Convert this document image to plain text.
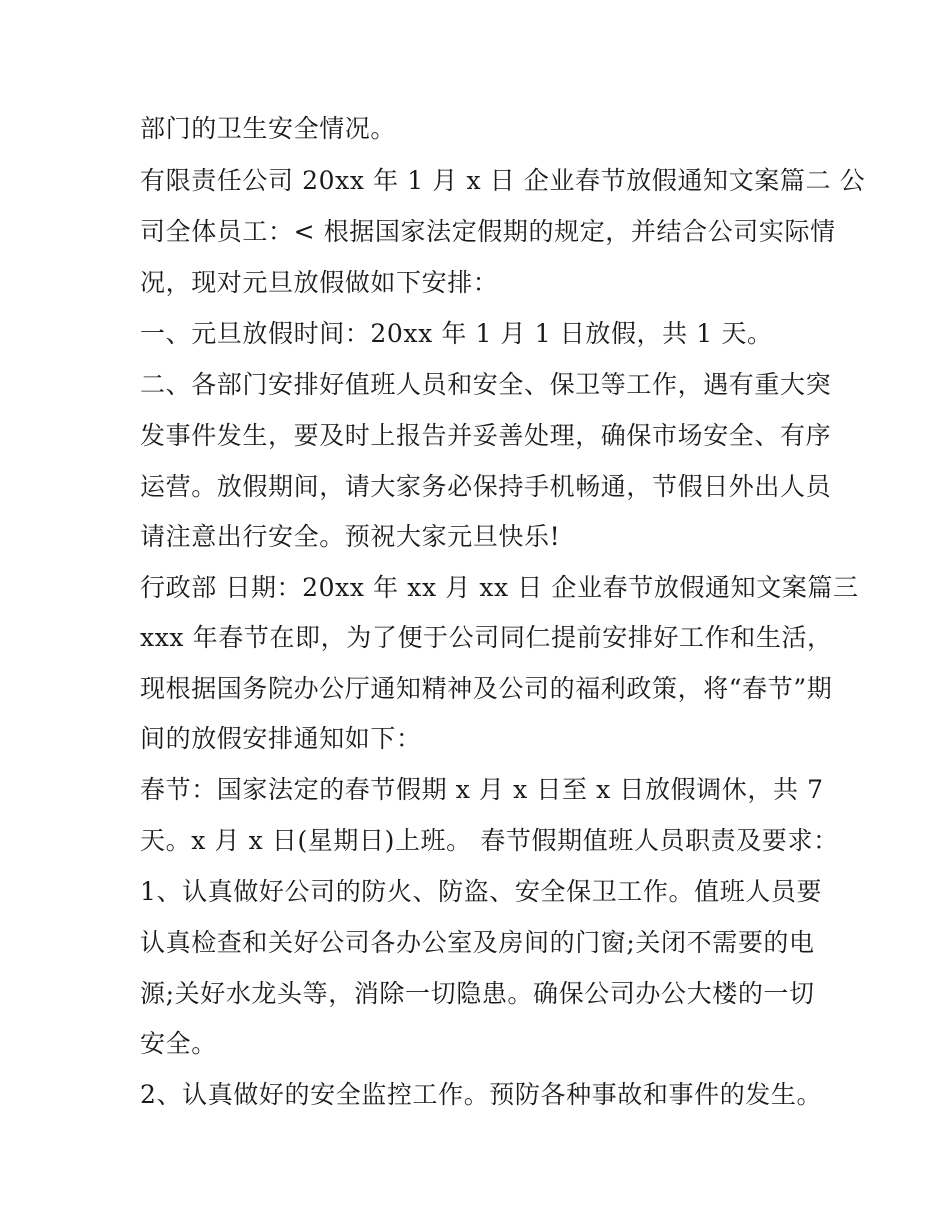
部门的卫生安全情况。
有限责任公司 20xx 年 1 月 x 日 企业春节放假通知文案篇二 公
司全体员工：< 根据国家法定假期的规定，并结合公司实际情
况，现对元旦放假做如下安排：
一、元旦放假时间：20xx 年 1 月 1 日放假，共 1 天。
二、各部门安排好值班人员和安全、保卫等工作，遇有重大突
发事件发生，要及时上报告并妥善处理，确保市场安全、有序
运营。放假期间，请大家务必保持手机畅通，节假日外出人员
请注意出行安全。预祝大家元旦快乐!
行政部 日期：20xx 年 xx 月 xx 日 企业春节放假通知文案篇三
xxx 年春节在即，为了便于公司同仁提前安排好工作和生活，
现根据国务院办公厅通知精神及公司的福利政策，将“春节”期
间的放假安排通知如下：
春节：国家法定的春节假期 x 月 x 日至 x 日放假调休，共 7
天。x 月 x 日(星期日)上班。 春节假期值班人员职责及要求：
1、认真做好公司的防火、防盗、安全保卫工作。值班人员要
认真检查和关好公司各办公室及房间的门窗;关闭不需要的电
源;关好水龙头等，消除一切隐患。确保公司办公大楼的一切
安全。
2、认真做好的安全监控工作。预防各种事故和事件的发生。
